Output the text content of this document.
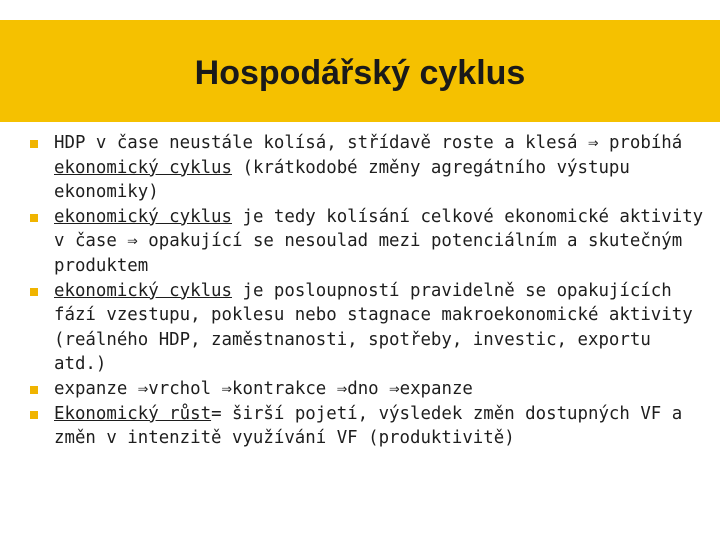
Hospodářský cyklus
HDP v čase neustále kolísá, střídavě roste a klesá ⇒ probíhá ekonomický cyklus (krátkodobé změny agregátního výstupu ekonomiky)
ekonomický cyklus je tedy kolísání celkové ekonomické aktivity v čase ⇒ opakující se nesoulad mezi potenciálním a skutečným produktem
ekonomický cyklus je posloupností pravidelně se opakujících fází vzestupu, poklesu nebo stagnace makroekonomické aktivity (reálného HDP, zaměstnanosti, spotřeby, investic, exportu atd.)
expanze ⇒vrchol ⇒kontrakce ⇒dno ⇒expanze
Ekonomický růst= širší pojetí, výsledek změn dostupných VF a změn v intenzitě využívání VF (produktivitě)
